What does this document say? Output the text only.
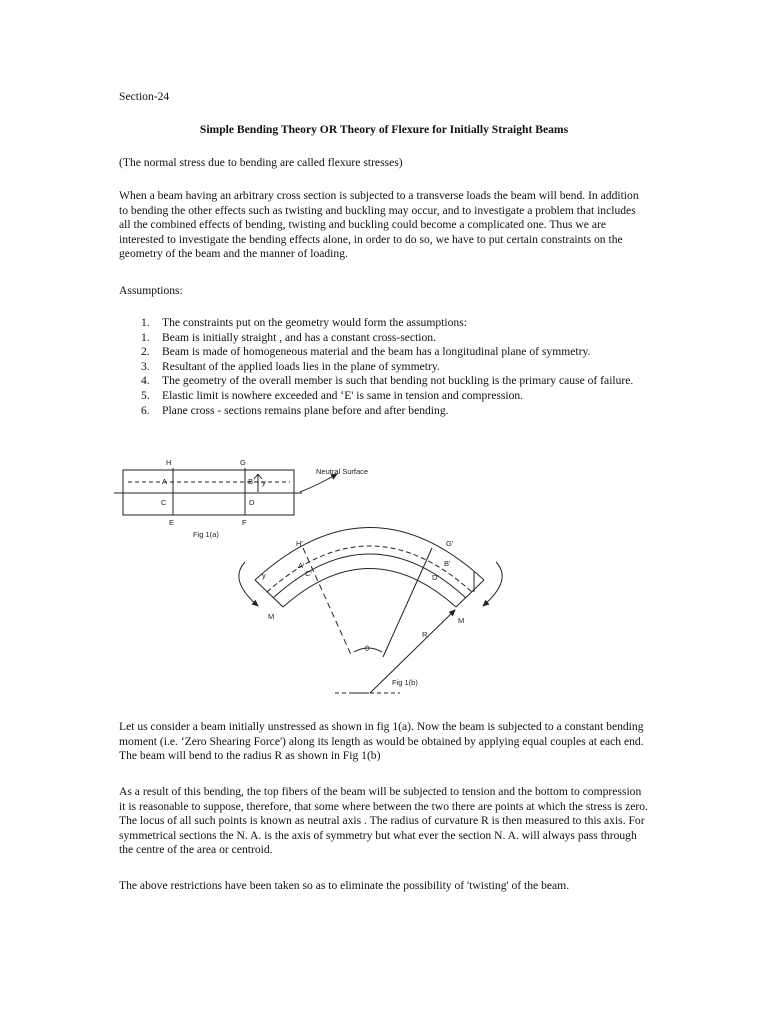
Section-24
Simple Bending Theory OR Theory of Flexure for Initially Straight Beams
(The normal stress due to bending are called flexure stresses)
When a beam having an arbitrary cross section is subjected to a transverse loads the beam will bend. In addition to bending the other effects such as twisting and buckling may occur, and to investigate a problem that includes all the combined effects of bending, twisting and buckling could become a complicated one. Thus we are interested to investigate the bending effects alone, in order to do so, we have to put certain constraints on the geometry of the beam and the manner of loading.
Assumptions:
1.	The constraints put on the geometry would form the assumptions:
1.	Beam is initially straight , and has a constant cross-section.
2.	Beam is made of homogeneous material and the beam has a longitudinal plane of symmetry.
3.	Resultant of the applied loads lies in the plane of symmetry.
4.	The geometry of the overall member is such that bending not buckling is the primary cause of failure.
5.	Elastic limit is nowhere exceeded and ‘E' is same in tension and compression.
6.	Plane cross - sections remains plane before and after bending.
H	G
A	B
C	D
E	F
y
Neutral Surface
Fig 1(a)
H'	G'
A'	B'
C'	D'
y
M	M
R
θ
Fig 1(b)
Let us consider a beam initially unstressed as shown in fig 1(a). Now the beam is subjected to a constant bending moment (i.e. ‘Zero Shearing Force') along its length as would be obtained by applying equal couples at each end. The beam will bend to the radius R as shown in Fig 1(b)
As a result of this bending, the top fibers of the beam will be subjected to tension and the bottom to compression it is reasonable to suppose, therefore, that some where between the two there are points at which the stress is zero. The locus of all such points is known as neutral axis . The radius of curvature R is then measured to this axis. For symmetrical sections the N. A. is the axis of symmetry but what ever the section N. A. will always pass through the centre of the area or centroid.
The above restrictions have been taken so as to eliminate the possibility of 'twisting' of the beam.
